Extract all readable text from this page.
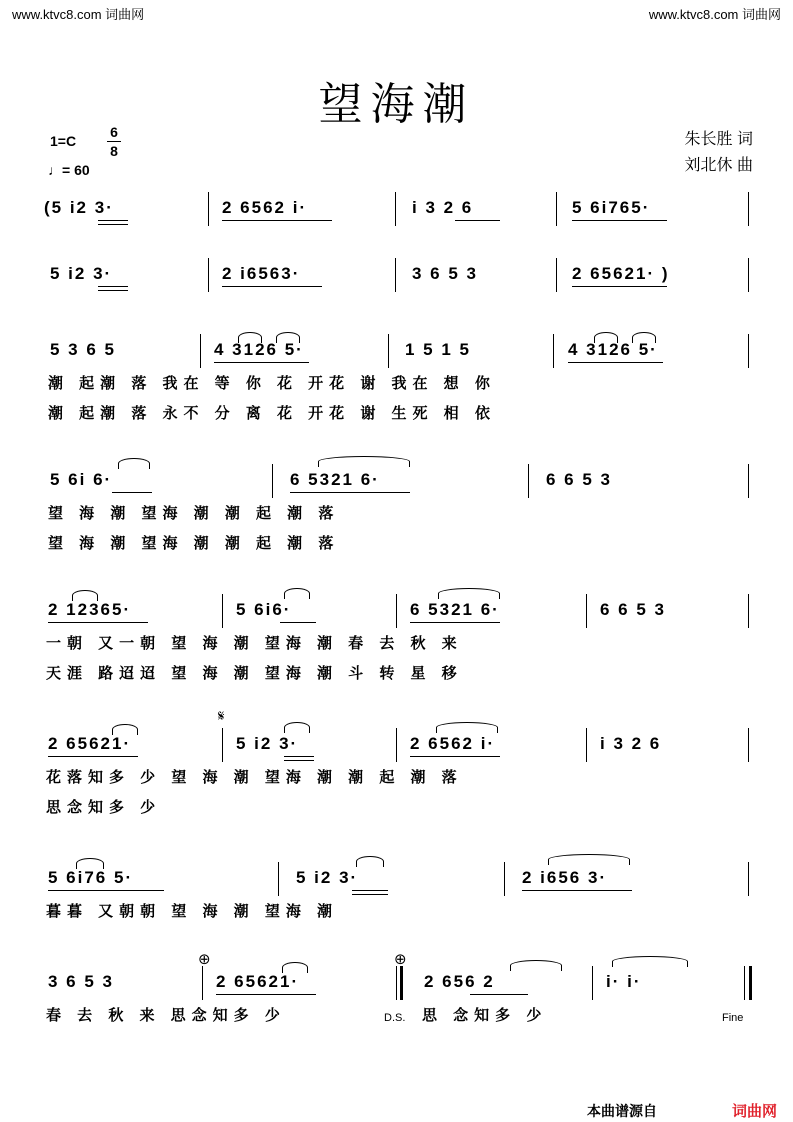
www.ktvc8.com 词曲网	www.ktvc8.com 词曲网
望海潮
1=C
6
8
♩= 60
朱长胜 词
刘北休 曲
(5 i2 3·	2 6562 i·	i 3 2 6	5 6i765·
5 i2 3·	2 i6563·	3 6 5 3	2 65621· )
5 3 6 5	4 3126 5·	1 5 1 5	4 3126 5·
潮 起潮 落 我在 等 你 花 开花 谢 我在 想 你
潮 起潮 落 永不 分 离 花 开花 谢 生死 相 依
5 6i 6·	6 5321 6·	6 6 5 3
望 海 潮 望海 潮 潮 起 潮 落
望 海 潮 望海 潮 潮 起 潮 落
2 12365·	5 6i6·	6 5321 6·	6 6 5 3
一朝 又一朝 望 海 潮 望海 潮 春 去 秋 来
天涯 路迢迢 望 海 潮 望海 潮 斗 转 星 移
𝄋
2 65621·	5 i2 3·	2 6562 i·	i 3 2 6
花落知多 少 望 海 潮 望海 潮 潮 起 潮 落
思念知多 少
5 6i76 5·	5 i2 3·	2 i656 3·
暮暮 又朝朝 望 海 潮 望海 潮
⊕	⊕
3 6 5 3	2 65621·	2 656 2	i· i·
春 去 秋 来 思念知多 少	D.S. 思 念知多 少	Fine
本曲谱源自	词曲网
